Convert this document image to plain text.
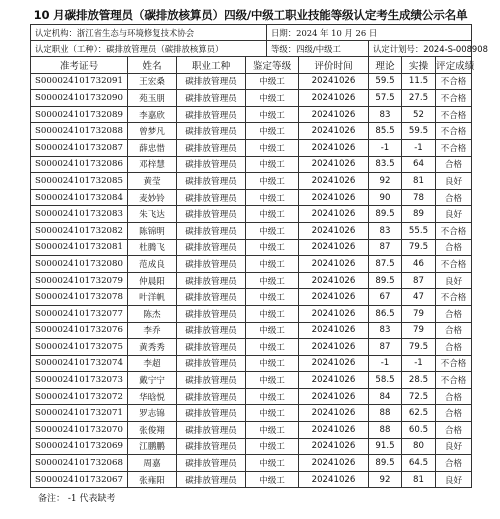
10 月碳排放管理员（碳排放核算员）四级/中级工职业技能等级认定考生成绩公示名单
认定机构：浙江省生态与环境修复技术协会	日期：2024 年 10 月 26 日	
认定职业（工种）：碳排放管理员（碳排放核算员）	等级：四级/中级工	认定计划号：2024-S-008908
准考证号	姓名	职业工种	鉴定等级	评价时间	理论	实操	评定成绩
S000024101732091	王宏桑	碳排放管理员	中级工	20241026	59.5	11.5	不合格
S000024101732090	苑玉朋	碳排放管理员	中级工	20241026	57.5	27.5	不合格
S000024101732089	李嘉欣	碳排放管理员	中级工	20241026	83	52	不合格
S000024101732088	曾梦凡	碳排放管理员	中级工	20241026	85.5	59.5	不合格
S000024101732087	薛忠惜	碳排放管理员	中级工	20241026	-1	-1	不合格
S000024101732086	邓梓慧	碳排放管理员	中级工	20241026	83.5	64	合格
S000024101732085	黄莹	碳排放管理员	中级工	20241026	92	81	良好
S000024101732084	麦妙铃	碳排放管理员	中级工	20241026	90	78	合格
S000024101732083	朱飞达	碳排放管理员	中级工	20241026	89.5	89	良好
S000024101732082	陈锦明	碳排放管理员	中级工	20241026	83	55.5	不合格
S000024101732081	杜腾飞	碳排放管理员	中级工	20241026	87	79.5	合格
S000024101732080	范成良	碳排放管理员	中级工	20241026	87.5	46	不合格
S000024101732079	仲晨阳	碳排放管理员	中级工	20241026	89.5	87	良好
S000024101732078	叶洋帆	碳排放管理员	中级工	20241026	67	47	不合格
S000024101732077	陈杰	碳排放管理员	中级工	20241026	86.5	79	合格
S000024101732076	李乔	碳排放管理员	中级工	20241026	83	79	合格
S000024101732075	黄秀秀	碳排放管理员	中级工	20241026	87	79.5	合格
S000024101732074	李超	碳排放管理员	中级工	20241026	-1	-1	不合格
S000024101732073	戴宁宁	碳排放管理员	中级工	20241026	58.5	28.5	不合格
S000024101732072	华晗悦	碳排放管理员	中级工	20241026	84	72.5	合格
S000024101732071	罗志锦	碳排放管理员	中级工	20241026	88	62.5	合格
S000024101732070	张俊翔	碳排放管理员	中级工	20241026	88	60.5	合格
S000024101732069	江鹏鹏	碳排放管理员	中级工	20241026	91.5	80	良好
S000024101732068	周嘉	碳排放管理员	中级工	20241026	89.5	64.5	合格
S000024101732067	张雍阳	碳排放管理员	中级工	20241026	92	81	良好
备注： -1 代表缺考
